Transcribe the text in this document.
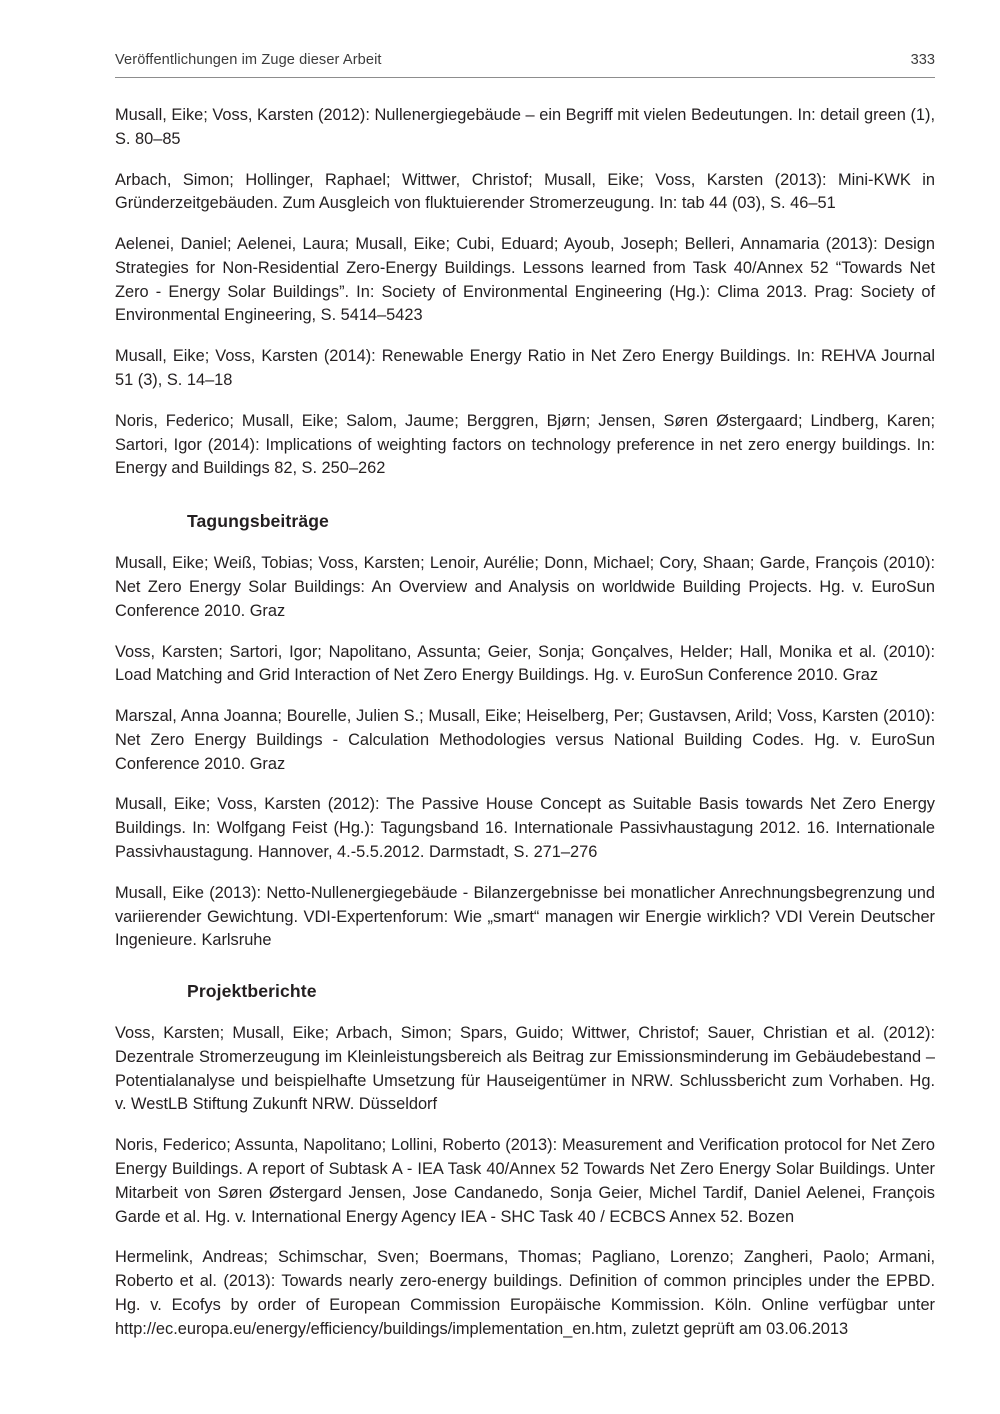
Veröffentlichungen im Zuge dieser Arbeit	333

Musall, Eike; Voss, Karsten (2012): Nullenergiegebäude – ein Begriff mit vielen Bedeutungen. In: detail green (1), S. 80–85

Arbach, Simon; Hollinger, Raphael; Wittwer, Christof; Musall, Eike; Voss, Karsten (2013): Mini-KWK in Gründerzeitgebäuden. Zum Ausgleich von fluktuierender Stromerzeugung. In: tab 44 (03), S. 46–51

Aelenei, Daniel; Aelenei, Laura; Musall, Eike; Cubi, Eduard; Ayoub, Joseph; Belleri, Annamaria (2013): Design Strategies for Non-Residential Zero-Energy Buildings. Lessons learned from Task 40/Annex 52 “Towards Net Zero - Energy Solar Buildings”. In: Society of Environmental Engineering (Hg.): Clima 2013. Prag: Society of Environmental Engineering, S. 5414–5423

Musall, Eike; Voss, Karsten (2014): Renewable Energy Ratio in Net Zero Energy Buildings. In: REHVA Journal 51 (3), S. 14–18

Noris, Federico; Musall, Eike; Salom, Jaume; Berggren, Bjørn; Jensen, Søren Østergaard; Lindberg, Karen; Sartori, Igor (2014): Implications of weighting factors on technology preference in net zero energy buildings. In: Energy and Buildings 82, S. 250–262

Tagungsbeiträge

Musall, Eike; Weiß, Tobias; Voss, Karsten; Lenoir, Aurélie; Donn, Michael; Cory, Shaan; Garde, François (2010): Net Zero Energy Solar Buildings: An Overview and Analysis on worldwide Building Projects. Hg. v. EuroSun Conference 2010. Graz

Voss, Karsten; Sartori, Igor; Napolitano, Assunta; Geier, Sonja; Gonçalves, Helder; Hall, Monika et al. (2010): Load Matching and Grid Interaction of Net Zero Energy Buildings. Hg. v. EuroSun Conference 2010. Graz

Marszal, Anna Joanna; Bourelle, Julien S.; Musall, Eike; Heiselberg, Per; Gustavsen, Arild; Voss, Karsten (2010): Net Zero Energy Buildings - Calculation Methodologies versus National Building Codes. Hg. v. EuroSun Conference 2010. Graz

Musall, Eike; Voss, Karsten (2012): The Passive House Concept as Suitable Basis towards Net Zero Energy Buildings. In: Wolfgang Feist (Hg.): Tagungsband 16. Internationale Passivhaustagung 2012. 16. Internationale Passivhaustagung. Hannover, 4.-5.5.2012. Darmstadt, S. 271–276

Musall, Eike (2013): Netto-Nullenergiegebäude - Bilanzergebnisse bei monatlicher Anrechnungsbegrenzung und variierender Gewichtung. VDI-Expertenforum: Wie „smart“ managen wir Energie wirklich? VDI Verein Deutscher Ingenieure. Karlsruhe

Projektberichte

Voss, Karsten; Musall, Eike; Arbach, Simon; Spars, Guido; Wittwer, Christof; Sauer, Christian et al. (2012): Dezentrale Stromerzeugung im Kleinleistungsbereich als Beitrag zur Emissionsminderung im Gebäudebestand – Potentialanalyse und beispielhafte Umsetzung für Hauseigentümer in NRW. Schlussbericht zum Vorhaben. Hg. v. WestLB Stiftung Zukunft NRW. Düsseldorf

Noris, Federico; Assunta, Napolitano; Lollini, Roberto (2013): Measurement and Verification protocol for Net Zero Energy Buildings. A report of Subtask A - IEA Task 40/Annex 52 Towards Net Zero Energy Solar Buildings. Unter Mitarbeit von Søren Østergard Jensen, Jose Candanedo, Sonja Geier, Michel Tardif, Daniel Aelenei, François Garde et al. Hg. v. International Energy Agency IEA - SHC Task 40 / ECBCS Annex 52. Bozen

Hermelink, Andreas; Schimschar, Sven; Boermans, Thomas; Pagliano, Lorenzo; Zangheri, Paolo; Armani, Roberto et al. (2013): Towards nearly zero-energy buildings. Definition of common principles under the EPBD. Hg. v. Ecofys by order of European Commission Europäische Kommission. Köln. Online verfügbar unter http://ec.europa.eu/energy/efficiency/buildings/implementation_en.htm, zuletzt geprüft am 03.06.2013
